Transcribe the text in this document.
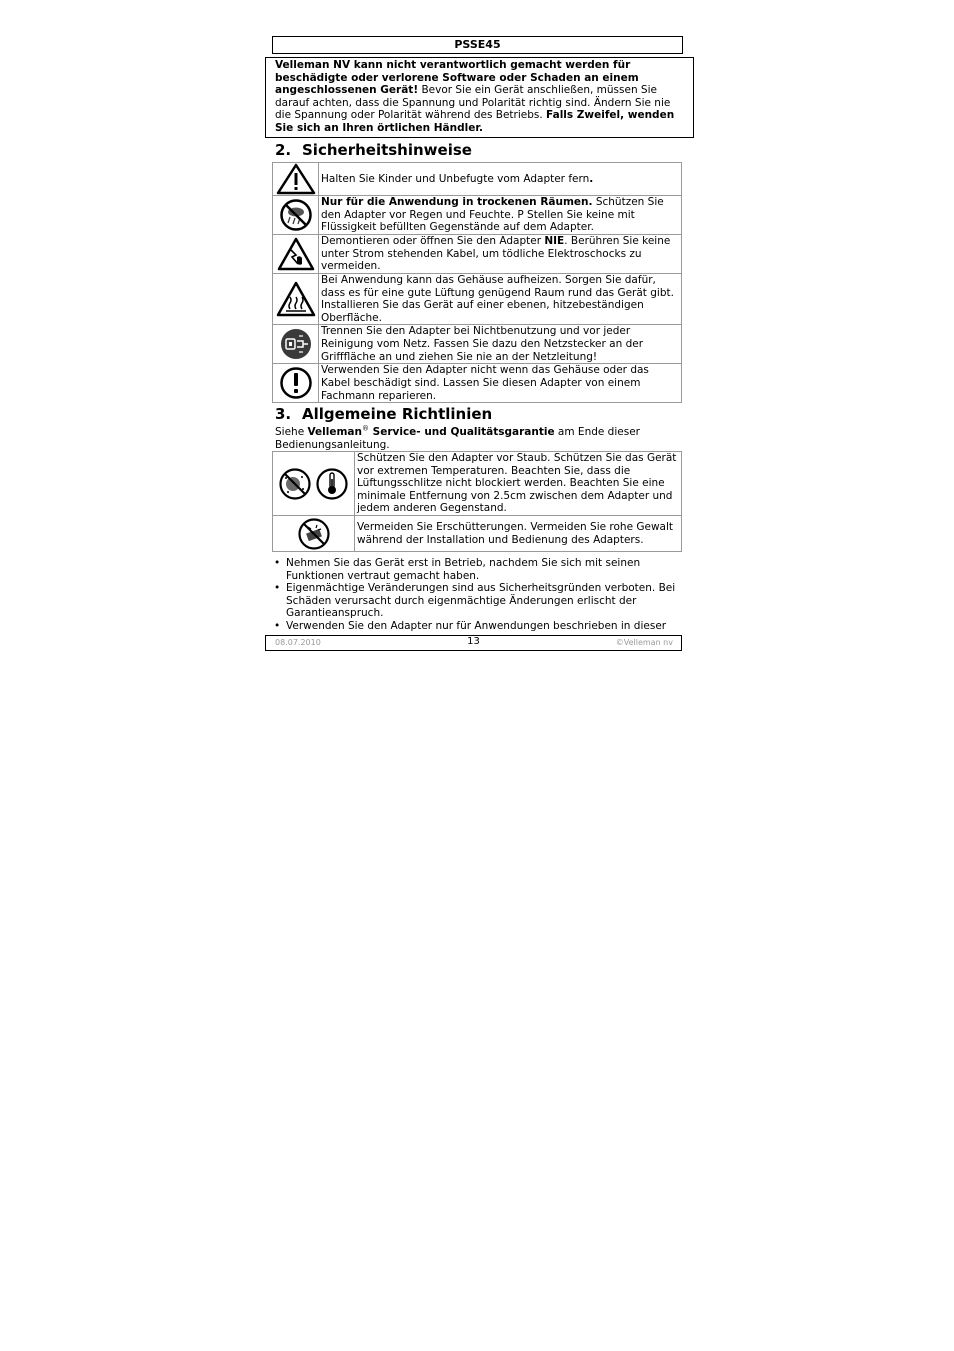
PSSE45

Velleman NV kann nicht verantwortlich gemacht werden für beschädigte oder verlorene Software oder Schaden an einem angeschlossenen Gerät! Bevor Sie ein Gerät anschließen, müssen Sie darauf achten, dass die Spannung und Polarität richtig sind. Ändern Sie nie die Spannung oder Polarität während des Betriebs. Falls Zweifel, wenden Sie sich an Ihren örtlichen Händler.

2. Sicherheitshinweise

Halten Sie Kinder und Unbefugte vom Adapter fern.

Nur für die Anwendung in trockenen Räumen. Schützen Sie den Adapter vor Regen und Feuchte. P Stellen Sie keine mit Flüssigkeit befüllten Gegenstände auf dem Adapter.

Demontieren oder öffnen Sie den Adapter NIE. Berühren Sie keine unter Strom stehenden Kabel, um tödliche Elektroschocks zu vermeiden.

Bei Anwendung kann das Gehäuse aufheizen. Sorgen Sie dafür, dass es für eine gute Lüftung genügend Raum rund das Gerät gibt. Installieren Sie das Gerät auf einer ebenen, hitzebeständigen Oberfläche.

Trennen Sie den Adapter bei Nichtbenutzung und vor jeder Reinigung vom Netz. Fassen Sie dazu den Netzstecker an der Grifffläche an und ziehen Sie nie an der Netzleitung!

Verwenden Sie den Adapter nicht wenn das Gehäuse oder das Kabel beschädigt sind. Lassen Sie diesen Adapter von einem Fachmann reparieren.

3. Allgemeine Richtlinien

Siehe Velleman® Service- und Qualitätsgarantie am Ende dieser Bedienungsanleitung.

Schützen Sie den Adapter vor Staub. Schützen Sie das Gerät vor extremen Temperaturen. Beachten Sie, dass die Lüftungsschlitze nicht blockiert werden. Beachten Sie eine minimale Entfernung von 2.5cm zwischen dem Adapter und jedem anderen Gegenstand.

Vermeiden Sie Erschütterungen. Vermeiden Sie rohe Gewalt während der Installation und Bedienung des Adapters.

• Nehmen Sie das Gerät erst in Betrieb, nachdem Sie sich mit seinen Funktionen vertraut gemacht haben.
• Eigenmächtige Veränderungen sind aus Sicherheitsgründen verboten. Bei Schäden verursacht durch eigenmächtige Änderungen erlischt der Garantieanspruch.
• Verwenden Sie den Adapter nur für Anwendungen beschrieben in dieser
08.07.2010	13	©Velleman nv
